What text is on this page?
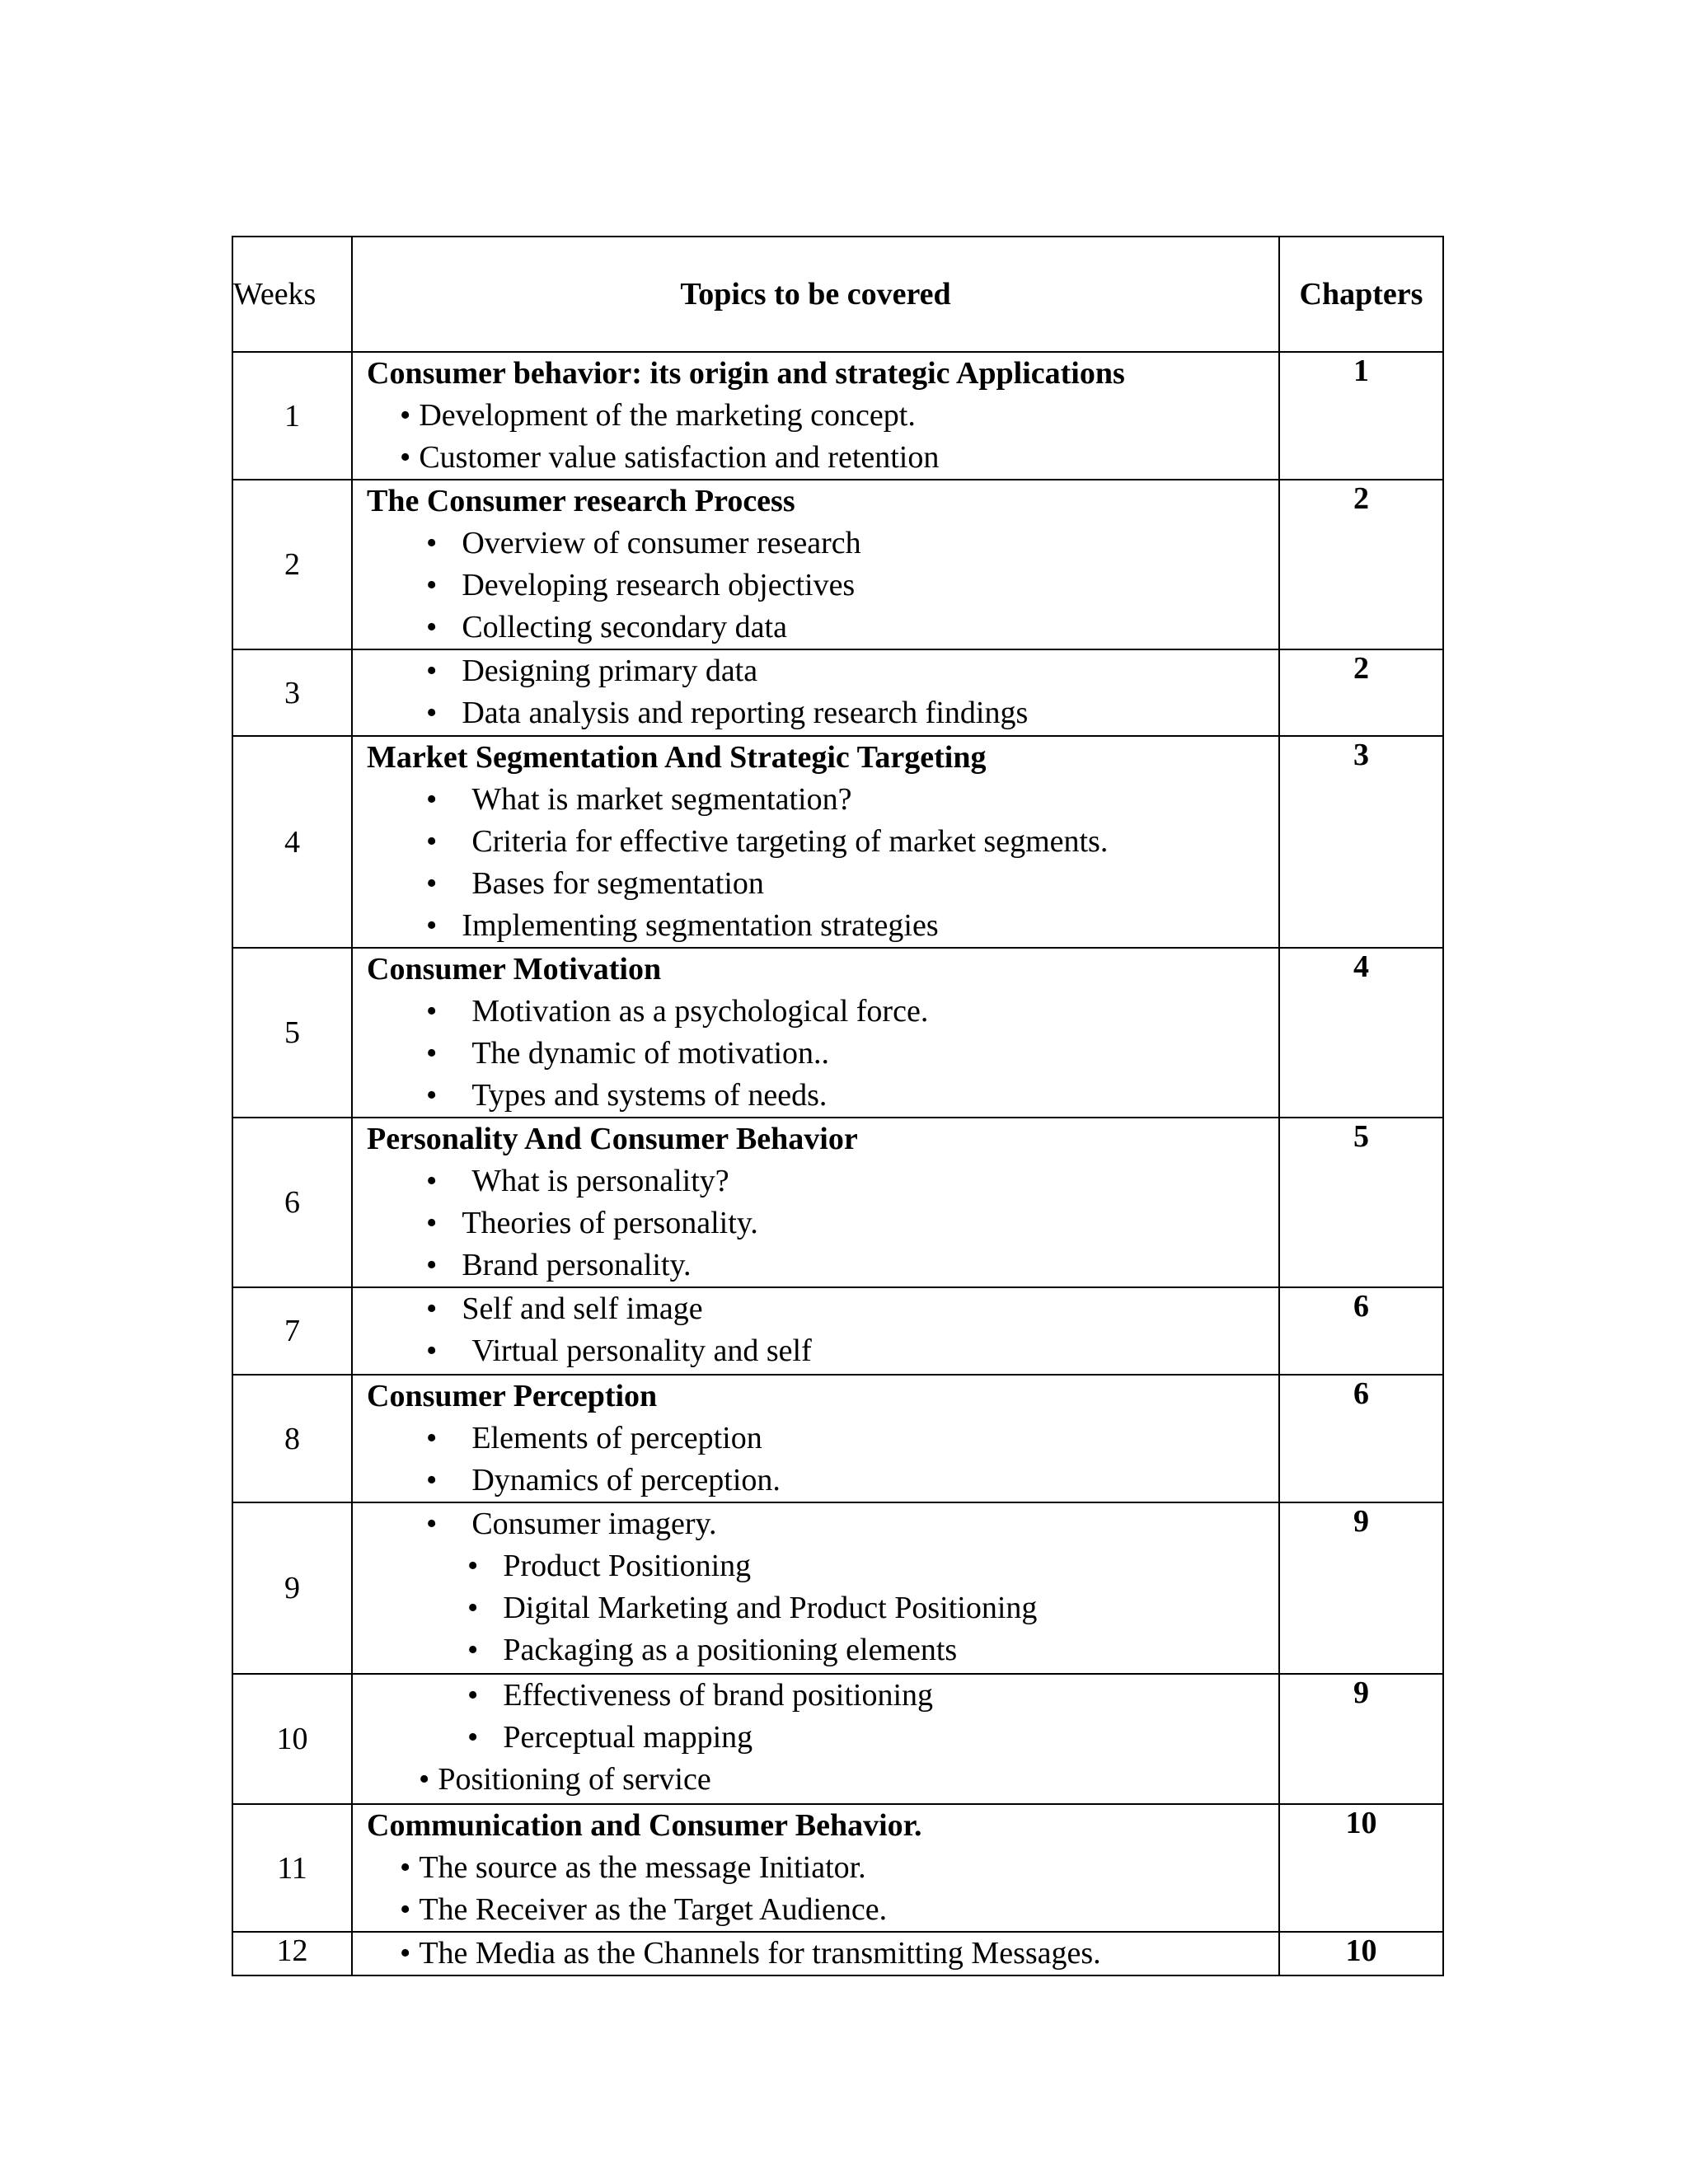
Weeks	Topics to be covered	Chapters
1	Consumer behavior: its origin and strategic Applications
• Development of the marketing concept.
• Customer value satisfaction and retention	1
2	The Consumer research Process
• Overview of consumer research
• Developing research objectives
• Collecting secondary data	2
3	• Designing primary data
• Data analysis and reporting research findings	2
4	Market Segmentation And Strategic Targeting
• What is market segmentation?
• Criteria for effective targeting of market segments.
• Bases for segmentation
• Implementing segmentation strategies	3
5	Consumer Motivation
• Motivation as a psychological force.
• The dynamic of motivation..
• Types and systems of needs.	4
6	Personality And Consumer Behavior
• What is personality?
• Theories of personality.
• Brand personality.	5
7	• Self and self image
• Virtual personality and self	6
8	Consumer Perception
• Elements of perception
• Dynamics of perception.	6
9	• Consumer imagery.
• Product Positioning
• Digital Marketing and Product Positioning
• Packaging as a positioning elements	9
10	• Effectiveness of brand positioning
• Perceptual mapping
• Positioning of service	9
11	Communication and Consumer Behavior.
• The source as the message Initiator.
• The Receiver as the Target Audience.	10
12	• The Media as the Channels for transmitting Messages.	10
